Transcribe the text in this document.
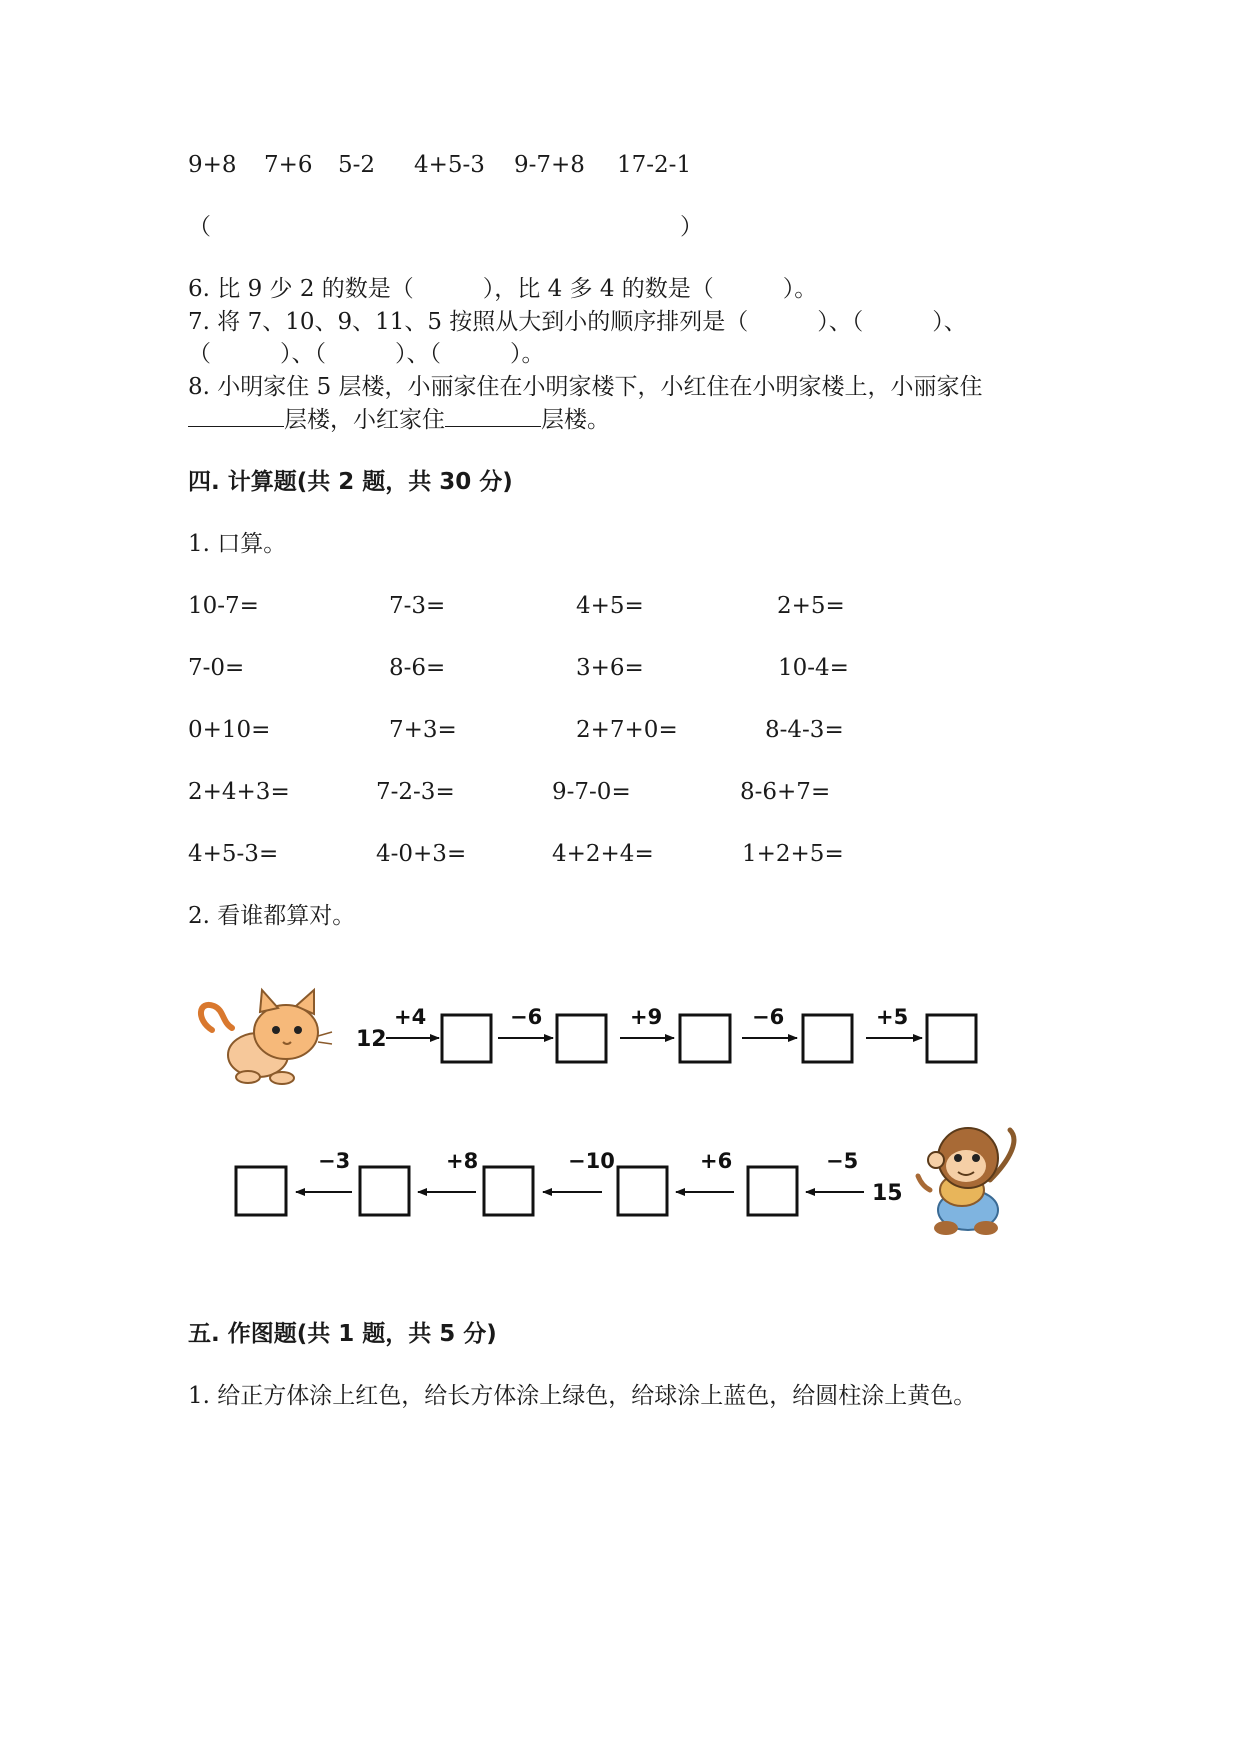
9+8 7+6 5-2 4+5-3 9-7+8 17-2-1
（	）
6. 比 9 少 2 的数是（　　　），比 4 多 4 的数是（　　　）。
7. 将 7、10、9、11、5 按照从大到小的顺序排列是（　　　）、（　　　）、
（　　　）、（　　　）、（　　　）。
8. 小明家住 5 层楼，小丽家住在小明家楼下，小红住在小明家楼上，小丽家住
层楼，小红家住	层楼。
四. 计算题(共 2 题，共 30 分)
1. 口算。
10-7=	7-3=	4+5=	2+5=
7-0=	8-6=	3+6=	10-4=
0+10=	7+3=	2+7+0=	8-4-3=
2+4+3=	7-2-3=	9-7-0=	8-6+7=
4+5-3=	4-0+3=	4+2+4=	1+2+5=
2. 看谁都算对。
12
+4	−6	+9	−6	+5
−3	+8	−10	+6	−5
15
五. 作图题(共 1 题，共 5 分)
1. 给正方体涂上红色，给长方体涂上绿色，给球涂上蓝色，给圆柱涂上黄色。
